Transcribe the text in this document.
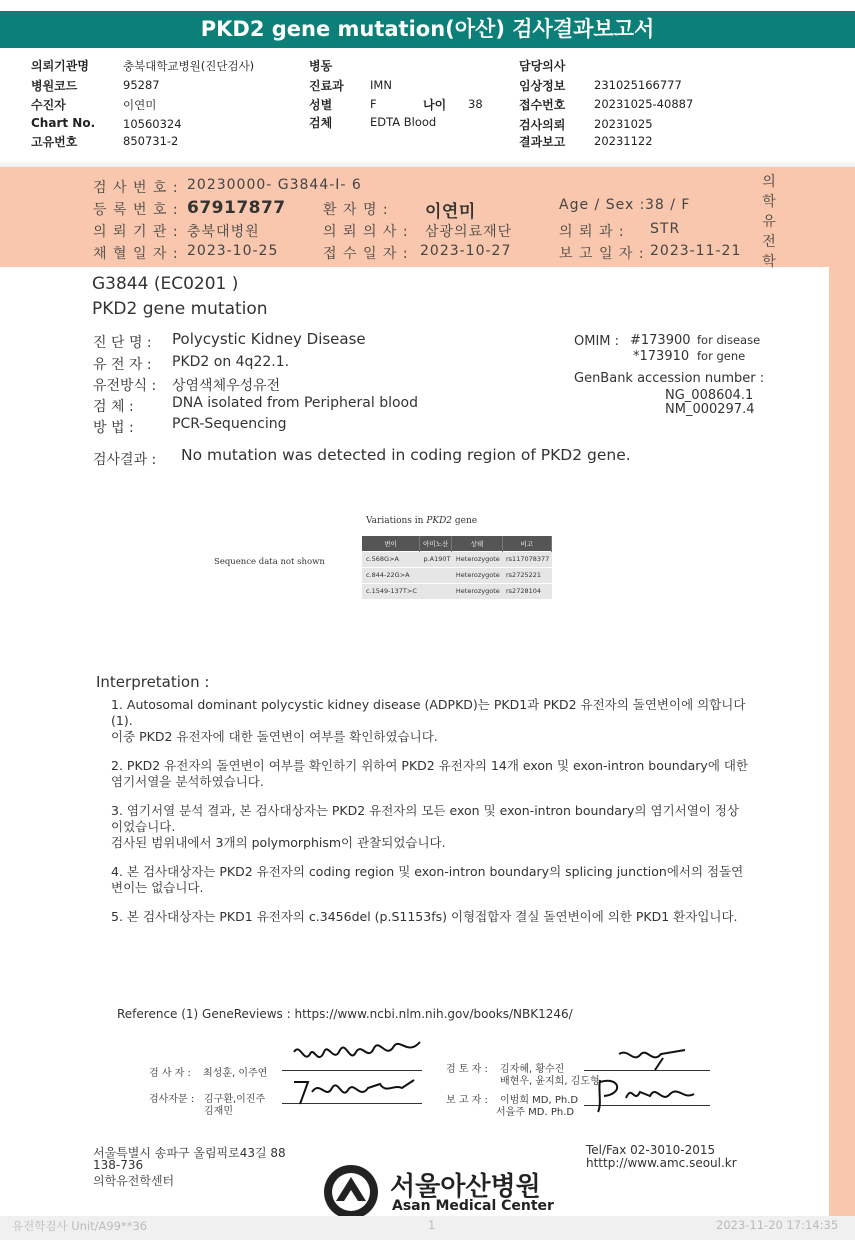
PKD2 gene mutation(아산) 검사결과보고서
의뢰기관명	충북대학교병원(진단검사)
병원코드	95287
수진자	이연미
Chart No. 10560324
고유번호	850731-2
병동
진료과 IMN
성별	F	나이 38
검체	EDTA Blood
담당의사
임상정보 231025166777
접수번호 20231025-40887
검사의뢰 20231025
결과보고 20231122
검 사 번 호 : 20230000- G3844-I- 6
등 록 번 호 : 67917877	환 자 명 : 이연미	Age / Sex : 38 / F
의 뢰 기 관 : 충북대병원	의 뢰 의 사 : 삼광의료재단	의 뢰 과 : STR
채 혈 일 자 : 2023-10-25	접 수 일 자 : 2023-10-27	보 고 일 자 : 2023-11-21
의
학
유
전
학
G3844 (EC0201 )
PKD2 gene mutation
진 단 명 : Polycystic Kidney Disease
유 전 자 : PKD2 on 4q22.1.
유전방식 : 상염색체우성유전
검 체 :	DNA isolated from Peripheral blood
방 법 :	PCR-Sequencing
OMIM : #173900 for disease
*173910 for gene
GenBank accession number :
NG_008604.1
NM_000297.4
검사결과 : No mutation was detected in coding region of PKD2 gene.
Variations in PKD2 gene
Sequence data not shown
변이	아미노산	상태	비고
c.568G>A	p.A190T	Heterozygote	rs117078377
c.844-22G>A		Heterozygote	rs2725221
c.1549-137T>C		Heterozygote	rs2728104
Interpretation :
1. Autosomal dominant polycystic kidney disease (ADPKD)는 PKD1과 PKD2 유전자의 돌연변이에 의합니다 (1).
이중 PKD2 유전자에 대한 돌연변이 여부를 확인하였습니다.
2. PKD2 유전자의 돌연변이 여부를 확인하기 위하여 PKD2 유전자의 14개 exon 및 exon-intron boundary에 대한 염기서열을 분석하였습니다.
3. 염기서열 분석 결과, 본 검사대상자는 PKD2 유전자의 모든 exon 및 exon-intron boundary의 염기서열이 정상이었습니다.
검사된 범위내에서 3개의 polymorphism이 관찰되었습니다.
4. 본 검사대상자는 PKD2 유전자의 coding region 및 exon-intron boundary의 splicing junction에서의 점돌연변이는 없습니다.
5. 본 검사대상자는 PKD1 유전자의 c.3456del (p.S1153fs) 이형접합자 결실 돌연변이에 의한 PKD1 환자입니다.
Reference (1) GeneReviews : https://www.ncbi.nlm.nih.gov/books/NBK1246/
검 사 자 : 최성훈, 이주연
검사자문 : 김구환,이진주
김재민
검 토 자 : 김자혜, 황수진
배현우, 윤지희, 김도형
보 고 자 : 이범희 MD, Ph.D
서을주 MD. Ph.D
서울특별시 송파구 올림픽로43길 88
138-736
의학유전학센터	서울아산병원
Asan Medical Center
Tel/Fax 02-3010-2015
htttp://www.amc.seoul.kr
유전학검사 Unit/A99**36	1	2023-11-20 17:14:35
